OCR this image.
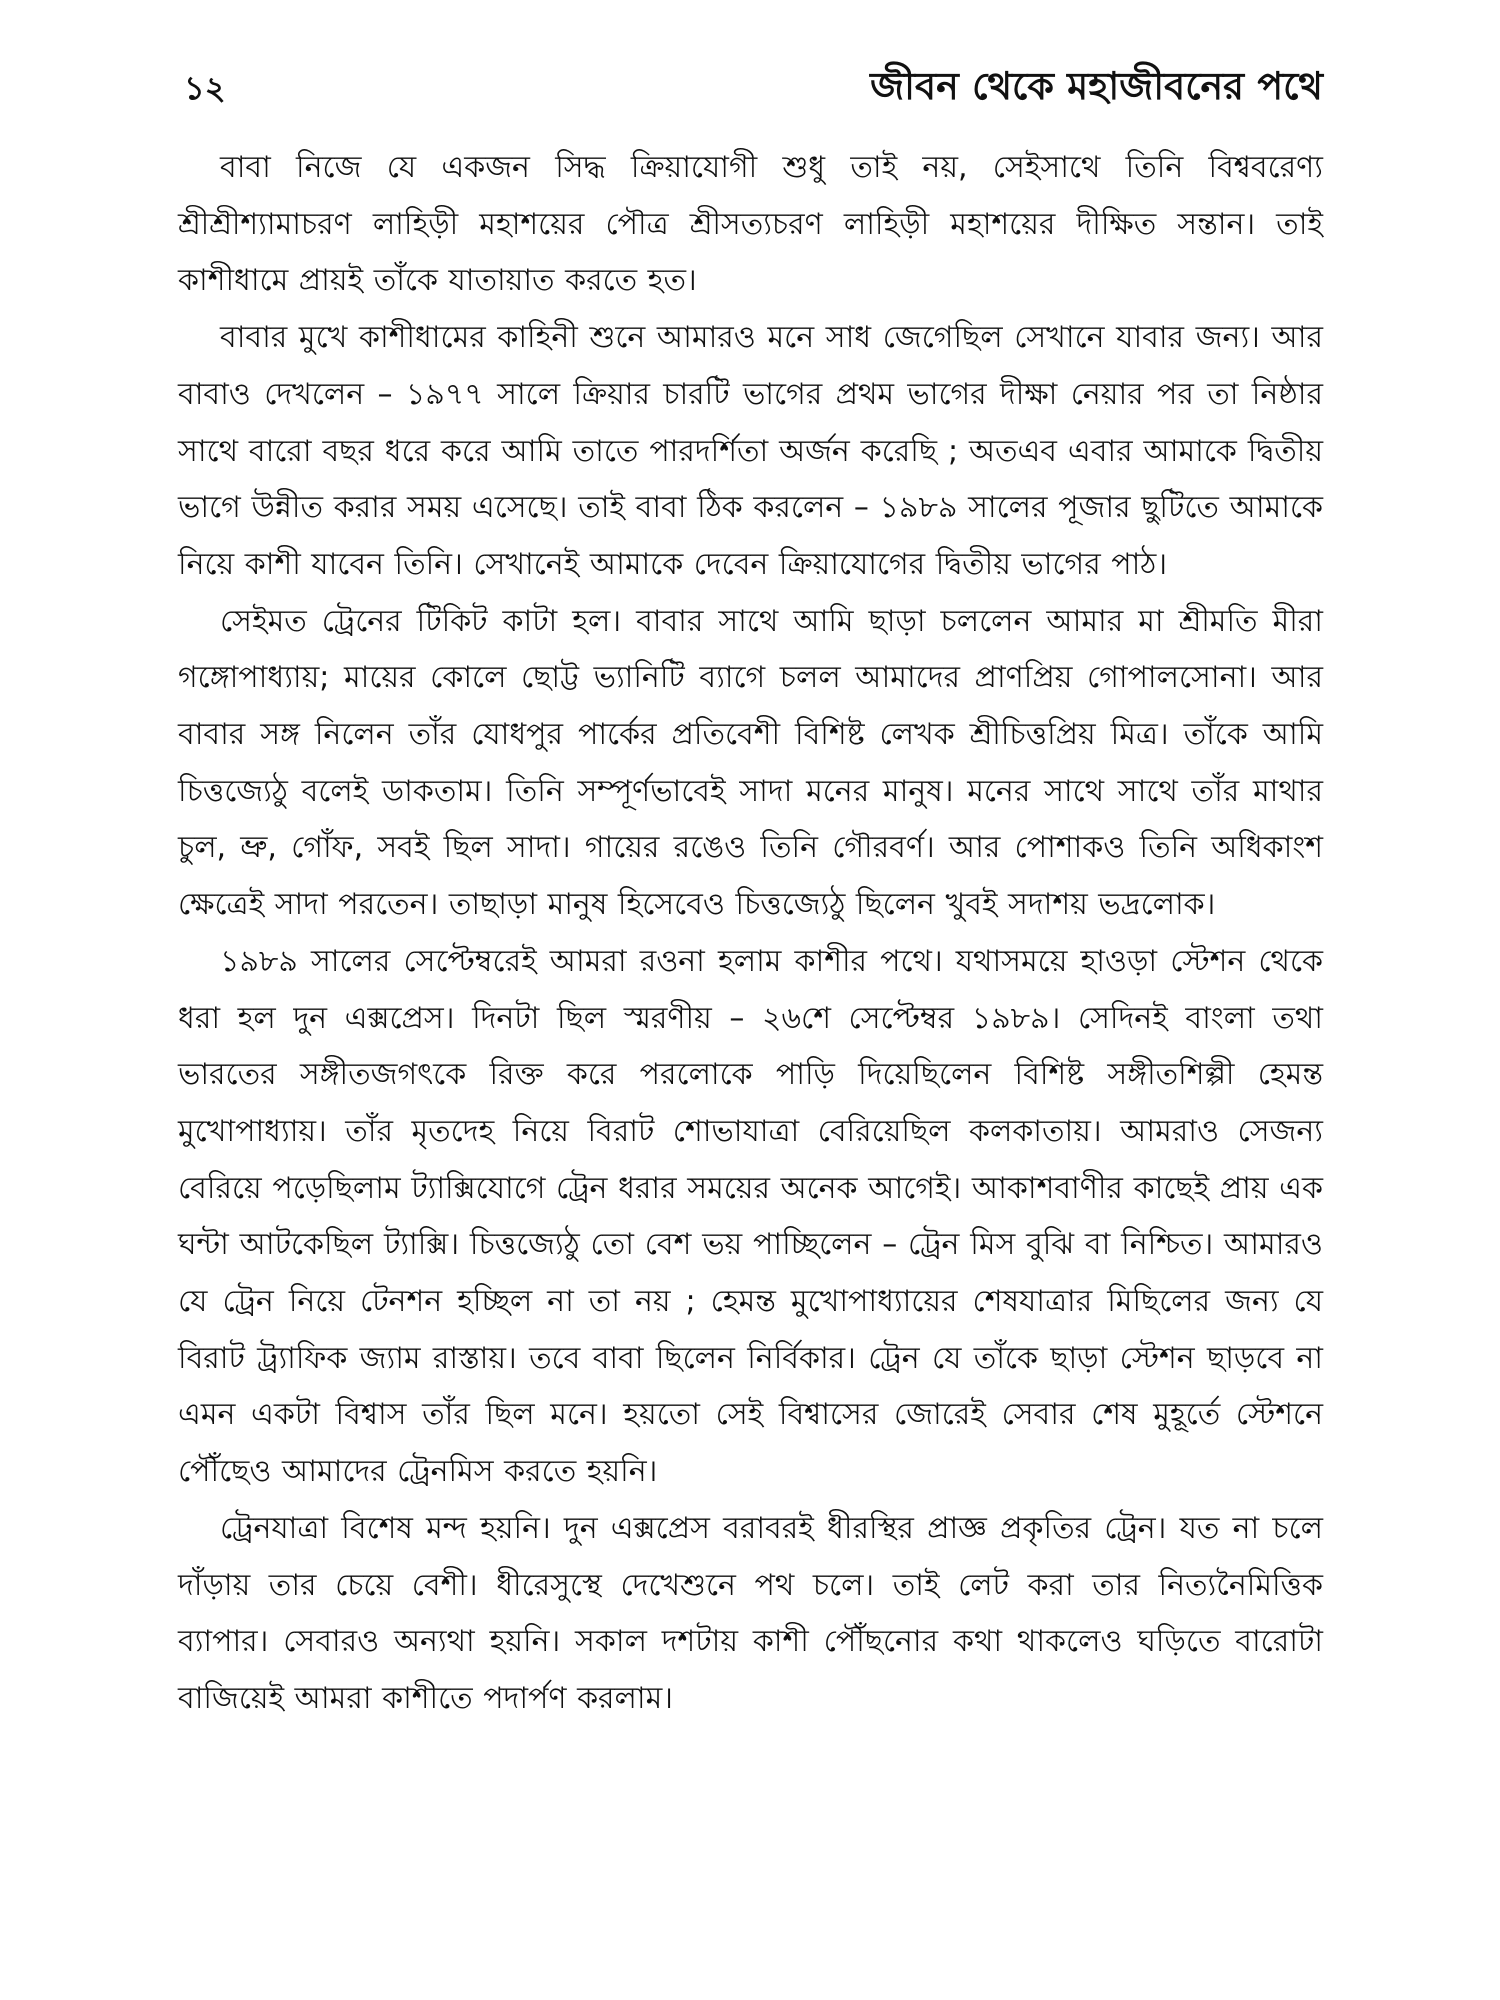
১২	জীবন থেকে মহাজীবনের পথে

বাবা নিজে যে একজন সিদ্ধ ক্রিয়াযোগী শুধু তাই নয়, সেইসাথে তিনি বিশ্ববরেণ্য শ্রীশ্রীশ্যামাচরণ লাহিড়ী মহাশয়ের পৌত্র শ্রীসত্যচরণ লাহিড়ী মহাশয়ের দীক্ষিত সন্তান। তাই কাশীধামে প্রায়ই তাঁকে যাতায়াত করতে হত।

বাবার মুখে কাশীধামের কাহিনী শুনে আমারও মনে সাধ জেগেছিল সেখানে যাবার জন্য। আর বাবাও দেখলেন – ১৯৭৭ সালে ক্রিয়ার চারটি ভাগের প্রথম ভাগের দীক্ষা নেয়ার পর তা নিষ্ঠার সাথে বারো বছর ধরে করে আমি তাতে পারদর্শিতা অর্জন করেছি ; অতএব এবার আমাকে দ্বিতীয় ভাগে উন্নীত করার সময় এসেছে। তাই বাবা ঠিক করলেন – ১৯৮৯ সালের পূজার ছুটিতে আমাকে নিয়ে কাশী যাবেন তিনি। সেখানেই আমাকে দেবেন ক্রিয়াযোগের দ্বিতীয় ভাগের পাঠ।

সেইমত ট্রেনের টিকিট কাটা হল। বাবার সাথে আমি ছাড়া চললেন আমার মা শ্রীমতি মীরা গঙ্গোপাধ্যায়; মায়ের কোলে ছোট্ট ভ্যানিটি ব্যাগে চলল আমাদের প্রাণপ্রিয় গোপালসোনা। আর বাবার সঙ্গ নিলেন তাঁর যোধপুর পার্কের প্রতিবেশী বিশিষ্ট লেখক শ্রীচিত্তপ্রিয় মিত্র। তাঁকে আমি চিত্তজ্যেঠু বলেই ডাকতাম। তিনি সম্পূর্ণভাবেই সাদা মনের মানুষ। মনের সাথে সাথে তাঁর মাথার চুল, ভ্রু, গোঁফ, সবই ছিল সাদা। গায়ের রঙেও তিনি গৌরবর্ণ। আর পোশাকও তিনি অধিকাংশ ক্ষেত্রেই সাদা পরতেন। তাছাড়া মানুষ হিসেবেও চিত্তজ্যেঠু ছিলেন খুবই সদাশয় ভদ্রলোক।

১৯৮৯ সালের সেপ্টেম্বরেই আমরা রওনা হলাম কাশীর পথে। যথাসময়ে হাওড়া স্টেশন থেকে ধরা হল দুন এক্সপ্রেস। দিনটা ছিল স্মরণীয় – ২৬শে সেপ্টেম্বর ১৯৮৯। সেদিনই বাংলা তথা ভারতের সঙ্গীতজগৎকে রিক্ত করে পরলোকে পাড়ি দিয়েছিলেন বিশিষ্ট সঙ্গীতশিল্পী হেমন্ত মুখোপাধ্যায়। তাঁর মৃতদেহ নিয়ে বিরাট শোভাযাত্রা বেরিয়েছিল কলকাতায়। আমরাও সেজন্য বেরিয়ে পড়েছিলাম ট্যাক্সিযোগে ট্রেন ধরার সময়ের অনেক আগেই। আকাশবাণীর কাছেই প্রায় এক ঘন্টা আটকেছিল ট্যাক্সি। চিত্তজ্যেঠু তো বেশ ভয় পাচ্ছিলেন – ট্রেন মিস বুঝি বা নিশ্চিত। আমারও যে ট্রেন নিয়ে টেনশন হচ্ছিল না তা নয় ; হেমন্ত মুখোপাধ্যায়ের শেষযাত্রার মিছিলের জন্য যে বিরাট ট্র্যাফিক জ্যাম রাস্তায়। তবে বাবা ছিলেন নির্বিকার। ট্রেন যে তাঁকে ছাড়া স্টেশন ছাড়বে না এমন একটা বিশ্বাস তাঁর ছিল মনে। হয়তো সেই বিশ্বাসের জোরেই সেবার শেষ মুহূর্তে স্টেশনে পৌঁছেও আমাদের ট্রেনমিস করতে হয়নি।

ট্রেনযাত্রা বিশেষ মন্দ হয়নি। দুন এক্সপ্রেস বরাবরই ধীরস্থির প্রাজ্ঞ প্রকৃতির ট্রেন। যত না চলে দাঁড়ায় তার চেয়ে বেশী। ধীরেসুস্থে দেখেশুনে পথ চলে। তাই লেট করা তার নিত্যনৈমিত্তিক ব্যাপার। সেবারও অন্যথা হয়নি। সকাল দশটায় কাশী পৌঁছনোর কথা থাকলেও ঘড়িতে বারোটা বাজিয়েই আমরা কাশীতে পদার্পণ করলাম।
